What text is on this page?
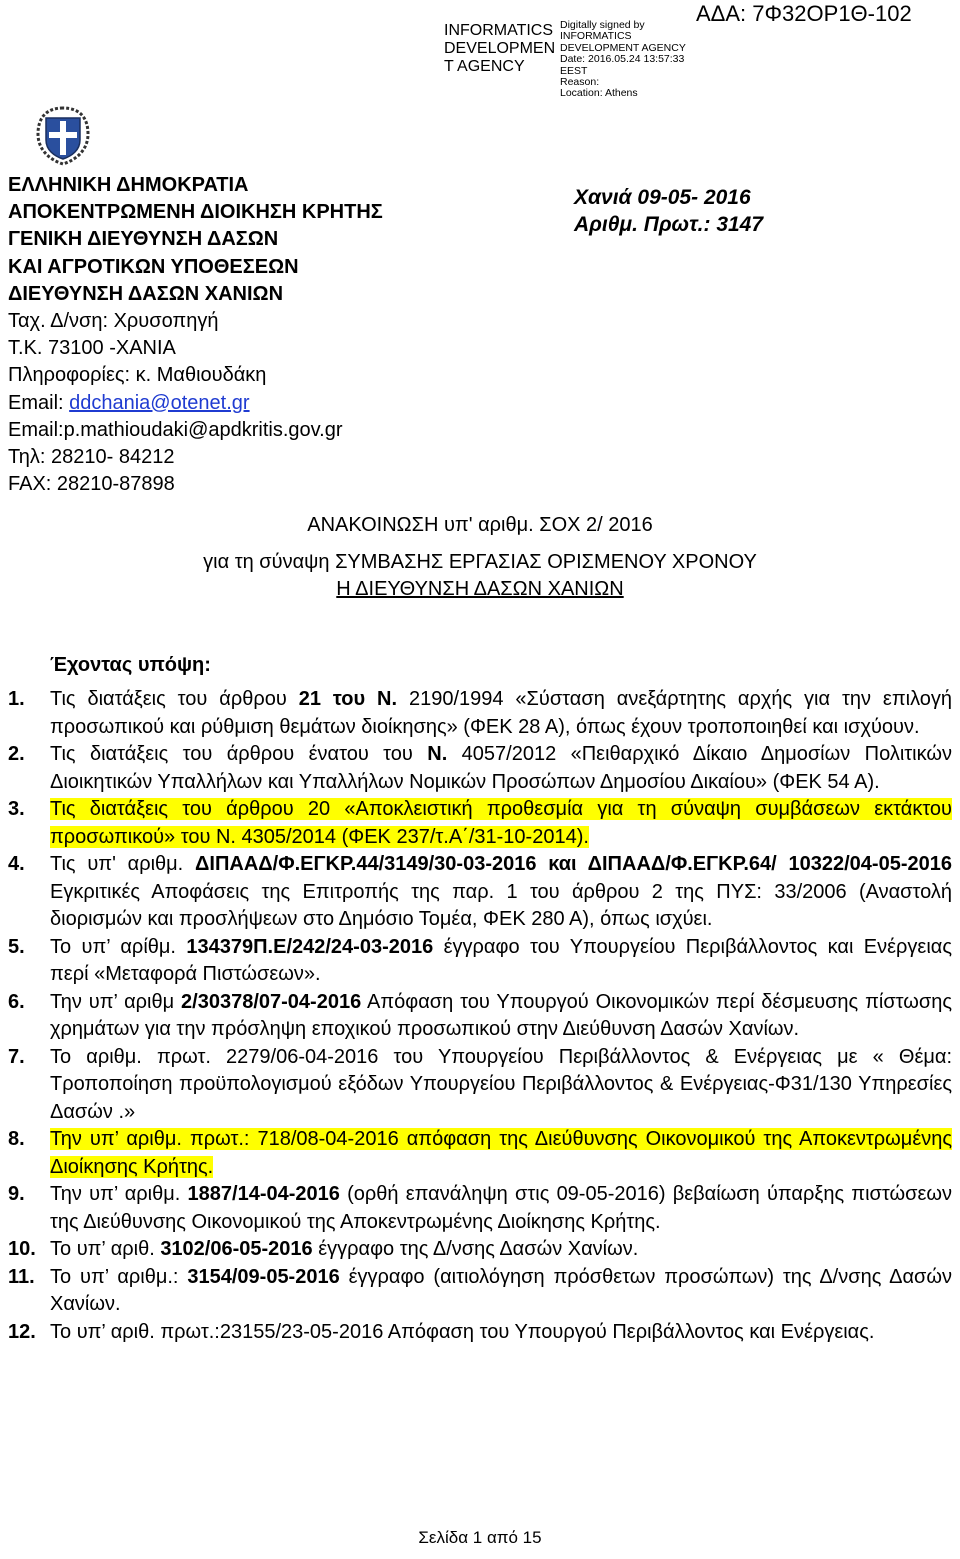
INFORMATICS
DEVELOPMEN
T AGENCY
Digitally signed by
INFORMATICS
DEVELOPMENT AGENCY
Date: 2016.05.24 13:57:33
EEST
Reason:
Location: Athens
ΑΔΑ: 7Φ32ΟΡ1Θ-102
ΕΛΛΗΝΙΚΗ ΔΗΜΟΚΡΑΤΙΑ
ΑΠΟΚΕΝΤΡΩΜΕΝΗ ΔΙΟΙΚΗΣΗ ΚΡΗΤΗΣ
ΓΕΝΙΚΗ ΔΙΕΥΘΥΝΣΗ ΔΑΣΩΝ
ΚΑΙ ΑΓΡΟΤΙΚΩΝ ΥΠΟΘΕΣΕΩΝ
ΔΙΕΥΘΥΝΣΗ ΔΑΣΩΝ ΧΑΝΙΩΝ
Ταχ. Δ/νση: Χρυσοπηγή
Τ.Κ. 73100 -ΧΑΝΙΑ
Πληροφορίες: κ. Μαθιουδάκη
Email: ddchania@otenet.gr
Email:p.mathioudaki@apdkritis.gov.gr
Τηλ: 28210- 84212
FAX: 28210-87898
Χανιά 09-05- 2016
Αριθμ. Πρωτ.: 3147
ΑΝΑΚΟΙΝΩΣΗ υπ' αριθμ. ΣΟΧ 2/ 2016
για τη σύναψη ΣΥΜΒΑΣΗΣ ΕΡΓΑΣΙΑΣ ΟΡΙΣΜΕΝΟΥ ΧΡΟΝΟΥ
Η ΔΙΕΥΘΥΝΣΗ ΔΑΣΩΝ ΧΑΝΙΩΝ
Έχοντας υπόψη:
1.	Τις διατάξεις του άρθρου 21 του Ν. 2190/1994 «Σύσταση ανεξάρτητης αρχής για την επιλογή προσωπικού και ρύθμιση θεμάτων διοίκησης» (ΦΕΚ 28 Α), όπως έχουν τροποποιηθεί και ισχύουν.
2.	Τις διατάξεις του άρθρου ένατου του Ν. 4057/2012 «Πειθαρχικό Δίκαιο Δημοσίων Πολιτικών Διοικητικών Υπαλλήλων και Υπαλλήλων Νομικών Προσώπων Δημοσίου Δικαίου» (ΦΕΚ 54 Α).
3.	Τις διατάξεις του άρθρου 20 «Αποκλειστική προθεσμία για τη σύναψη συμβάσεων εκτάκτου προσωπικού» του Ν. 4305/2014 (ΦΕΚ 237/τ.Α΄/31-10-2014).
4.	Τις υπ' αριθμ. ΔΙΠΑΑΔ/Φ.ΕΓΚΡ.44/3149/30-03-2016 και ΔΙΠΑΑΔ/Φ.ΕΓΚΡ.64/ 10322/04-05-2016 Εγκριτικές Αποφάσεις της Επιτροπής της παρ. 1 του άρθρου 2 της ΠΥΣ: 33/2006 (Αναστολή διορισμών και προσλήψεων στο Δημόσιο Τομέα, ΦΕΚ 280 Α), όπως ισχύει.
5.	Το υπ’ αρίθμ. 134379Π.Ε/242/24-03-2016 έγγραφο του Υπουργείου Περιβάλλοντος και Ενέργειας περί «Μεταφορά Πιστώσεων».
6.	Την υπ’ αριθμ 2/30378/07-04-2016 Απόφαση του Υπουργού Οικονομικών περί δέσμευσης πίστωσης χρημάτων για την πρόσληψη εποχικού προσωπικού στην Διεύθυνση Δασών Χανίων.
7.	Το αριθμ. πρωτ. 2279/06-04-2016 του Υπουργείου Περιβάλλοντος & Ενέργειας με « Θέμα: Τροποποίηση προϋπολογισμού εξόδων Υπουργείου Περιβάλλοντος & Ενέργειας-Φ31/130 Υπηρεσίες Δασών .»
8.	Την υπ’ αριθμ. πρωτ.: 718/08-04-2016 απόφαση της Διεύθυνσης Οικονομικού της Αποκεντρωμένης Διοίκησης Κρήτης.
9.	Την υπ’ αριθμ. 1887/14-04-2016 (ορθή επανάληψη στις 09-05-2016) βεβαίωση ύπαρξης πιστώσεων της Διεύθυνσης Οικονομικού της Αποκεντρωμένης Διοίκησης Κρήτης.
10. Το υπ’ αριθ. 3102/06-05-2016 έγγραφο της Δ/νσης Δασών Χανίων.
11. Το υπ’ αριθμ.: 3154/09-05-2016 έγγραφο (αιτιολόγηση πρόσθετων προσώπων) της Δ/νσης Δασών Χανίων.
12. Το υπ’ αριθ. πρωτ.:23155/23-05-2016 Απόφαση του Υπουργού Περιβάλλοντος και Ενέργειας.
Σελίδα 1 από 15
